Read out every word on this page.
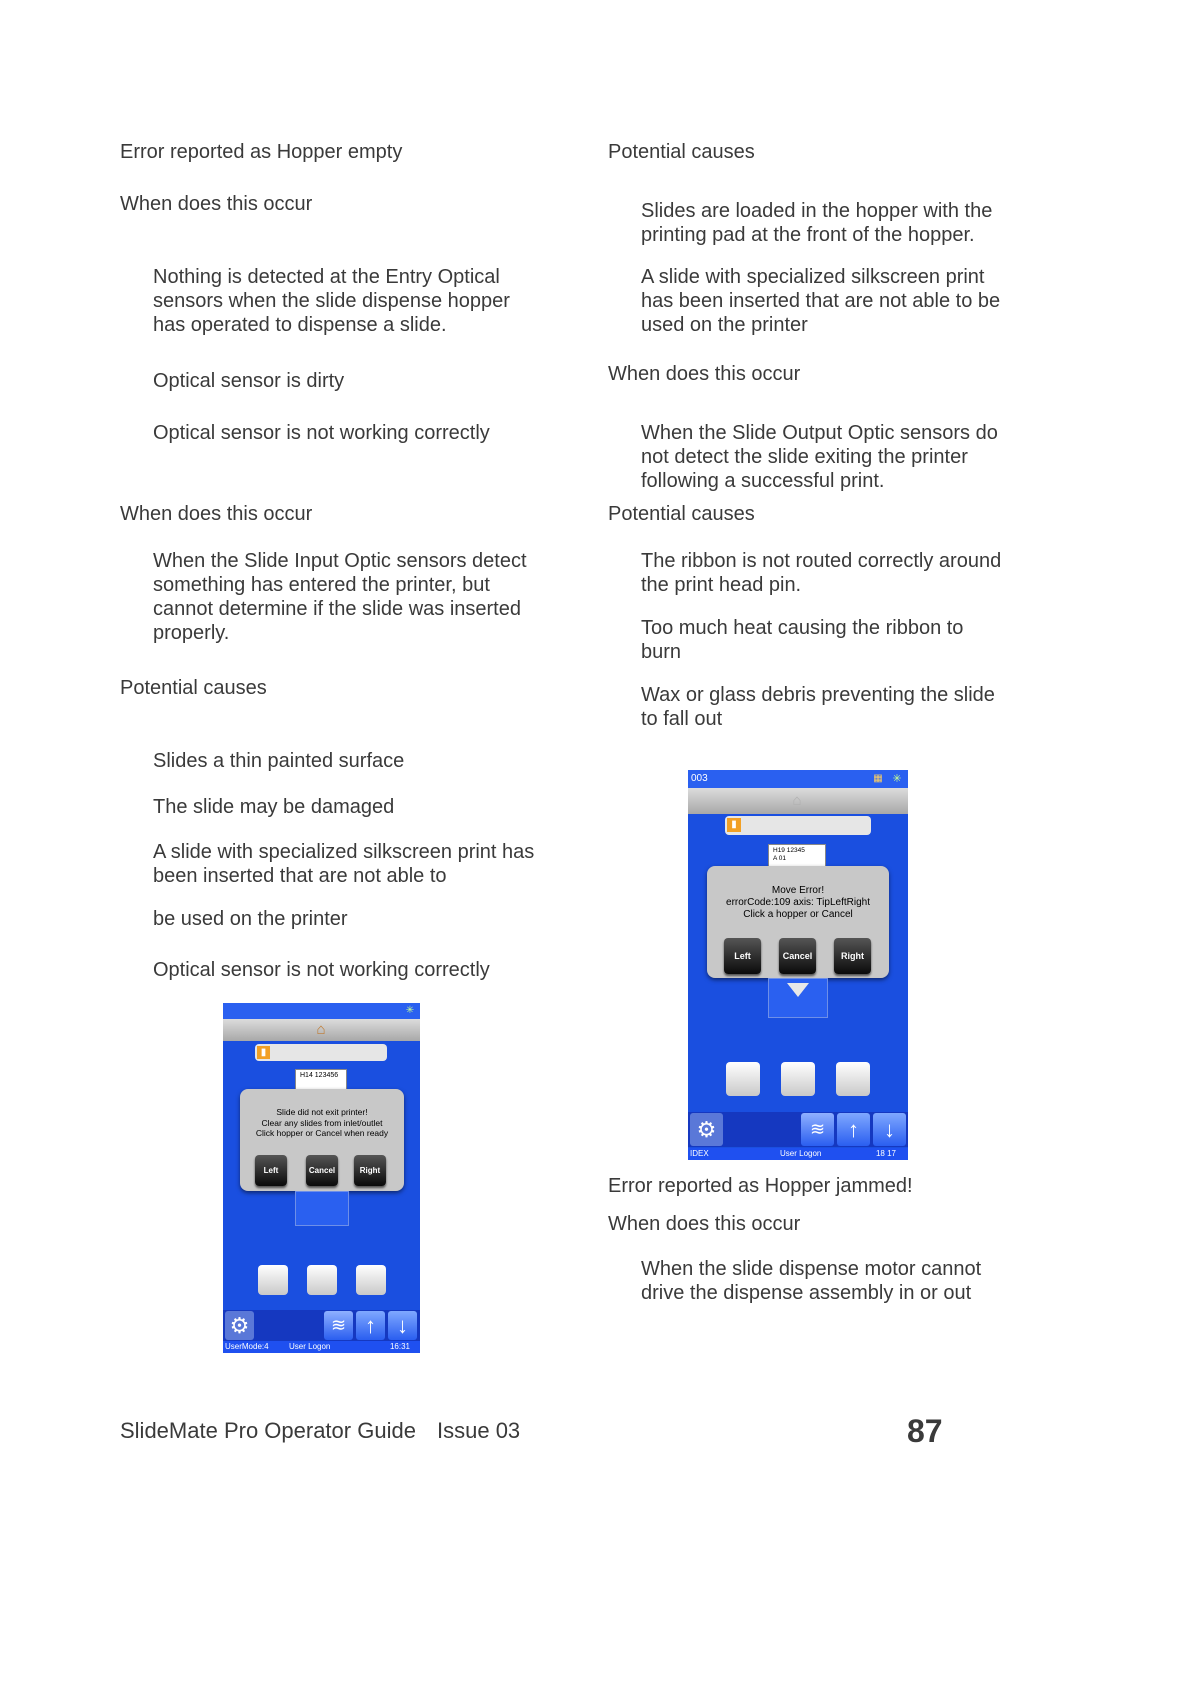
Error reported as Hopper empty
When does this occur
Nothing is detected at the Entry Optical
sensors when the slide dispense hopper
has operated to dispense a slide.
Optical sensor is dirty
Optical sensor is not working correctly
When does this occur
When the Slide Input Optic sensors detect
something has entered the printer, but
cannot determine if the slide was inserted
properly.
Potential causes
Slides a thin painted surface
The slide may be damaged
A slide with specialized silkscreen print has
been inserted that are not able to
be used on the printer
Optical sensor is not working correctly
✳
⌂
▮
H14 123456
Slide did not exit printer!
Clear any slides from inlet/outlet
Click hopper or Cancel when ready
Left	Cancel	Right
⚙	≋ ↑ ↓
UserMode:4	User Logon	16:31
Potential causes
Slides are loaded in the hopper with the
printing pad at the front of the hopper.
A slide with specialized silkscreen print
has been inserted that are not able to be
used on the printer
When does this occur
When the Slide Output Optic sensors do
not detect the slide exiting the printer
following a successful print.
Potential causes
The ribbon is not routed correctly around
the print head pin.
Too much heat causing the ribbon to
burn
Wax or glass debris preventing the slide
to fall out
003	▦ ✳
⌂
▮
H19 12345
A 01
Move Error!
errorCode:109 axis: TipLeftRight
Click a hopper or Cancel
Left	Cancel	Right
⚙	≋	↑	↓
IDEX	User Logon	18 17
Error reported as Hopper jammed!
When does this occur
When the slide dispense motor cannot
drive the dispense assembly in or out
SlideMate Pro Operator Guide Issue 03	87
